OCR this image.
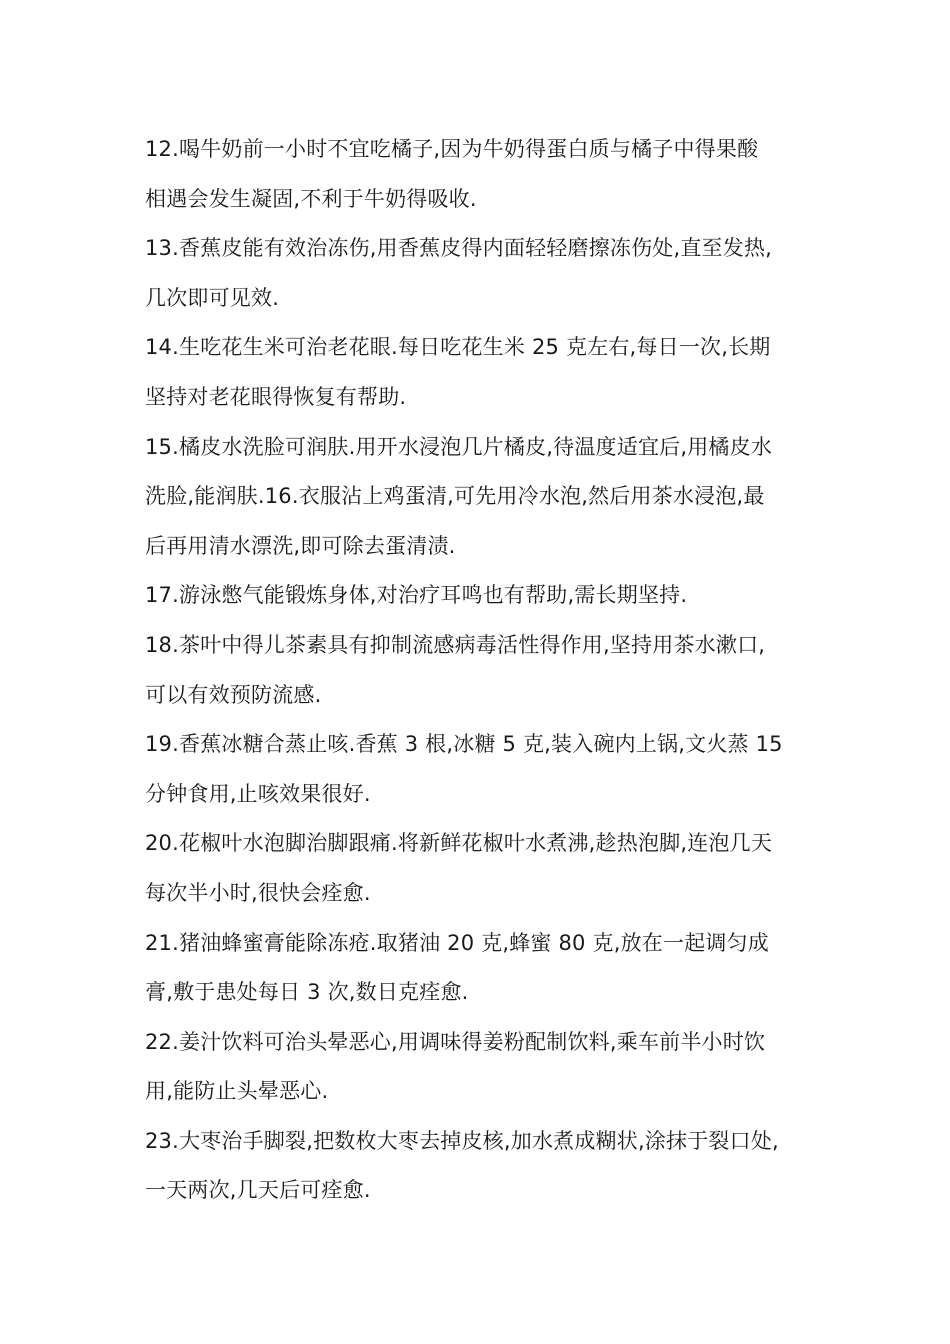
12.喝牛奶前一小时不宜吃橘子,因为牛奶得蛋白质与橘子中得果酸
相遇会发生凝固,不利于牛奶得吸收.
13.香蕉皮能有效治冻伤,用香蕉皮得内面轻轻磨擦冻伤处,直至发热,
几次即可见效.
14.生吃花生米可治老花眼.每日吃花生米 25 克左右,每日一次,长期
坚持对老花眼得恢复有帮助.
15.橘皮水洗脸可润肤.用开水浸泡几片橘皮,待温度适宜后,用橘皮水
洗脸,能润肤.16.衣服沾上鸡蛋清,可先用冷水泡,然后用茶水浸泡,最
后再用清水漂洗,即可除去蛋清渍.
17.游泳憋气能锻炼身体,对治疗耳鸣也有帮助,需长期坚持.
18.茶叶中得儿茶素具有抑制流感病毒活性得作用,坚持用茶水漱口,
可以有效预防流感.
19.香蕉冰糖合蒸止咳.香蕉 3 根,冰糖 5 克,装入碗内上锅,文火蒸 15
分钟食用,止咳效果很好.
20.花椒叶水泡脚治脚跟痛.将新鲜花椒叶水煮沸,趁热泡脚,连泡几天
每次半小时,很快会痊愈.
21.猪油蜂蜜膏能除冻疮.取猪油 20 克,蜂蜜 80 克,放在一起调匀成
膏,敷于患处每日 3 次,数日克痊愈.
22.姜汁饮料可治头晕恶心,用调味得姜粉配制饮料,乘车前半小时饮
用,能防止头晕恶心.
23.大枣治手脚裂,把数枚大枣去掉皮核,加水煮成糊状,涂抹于裂口处,
一天两次,几天后可痊愈.
